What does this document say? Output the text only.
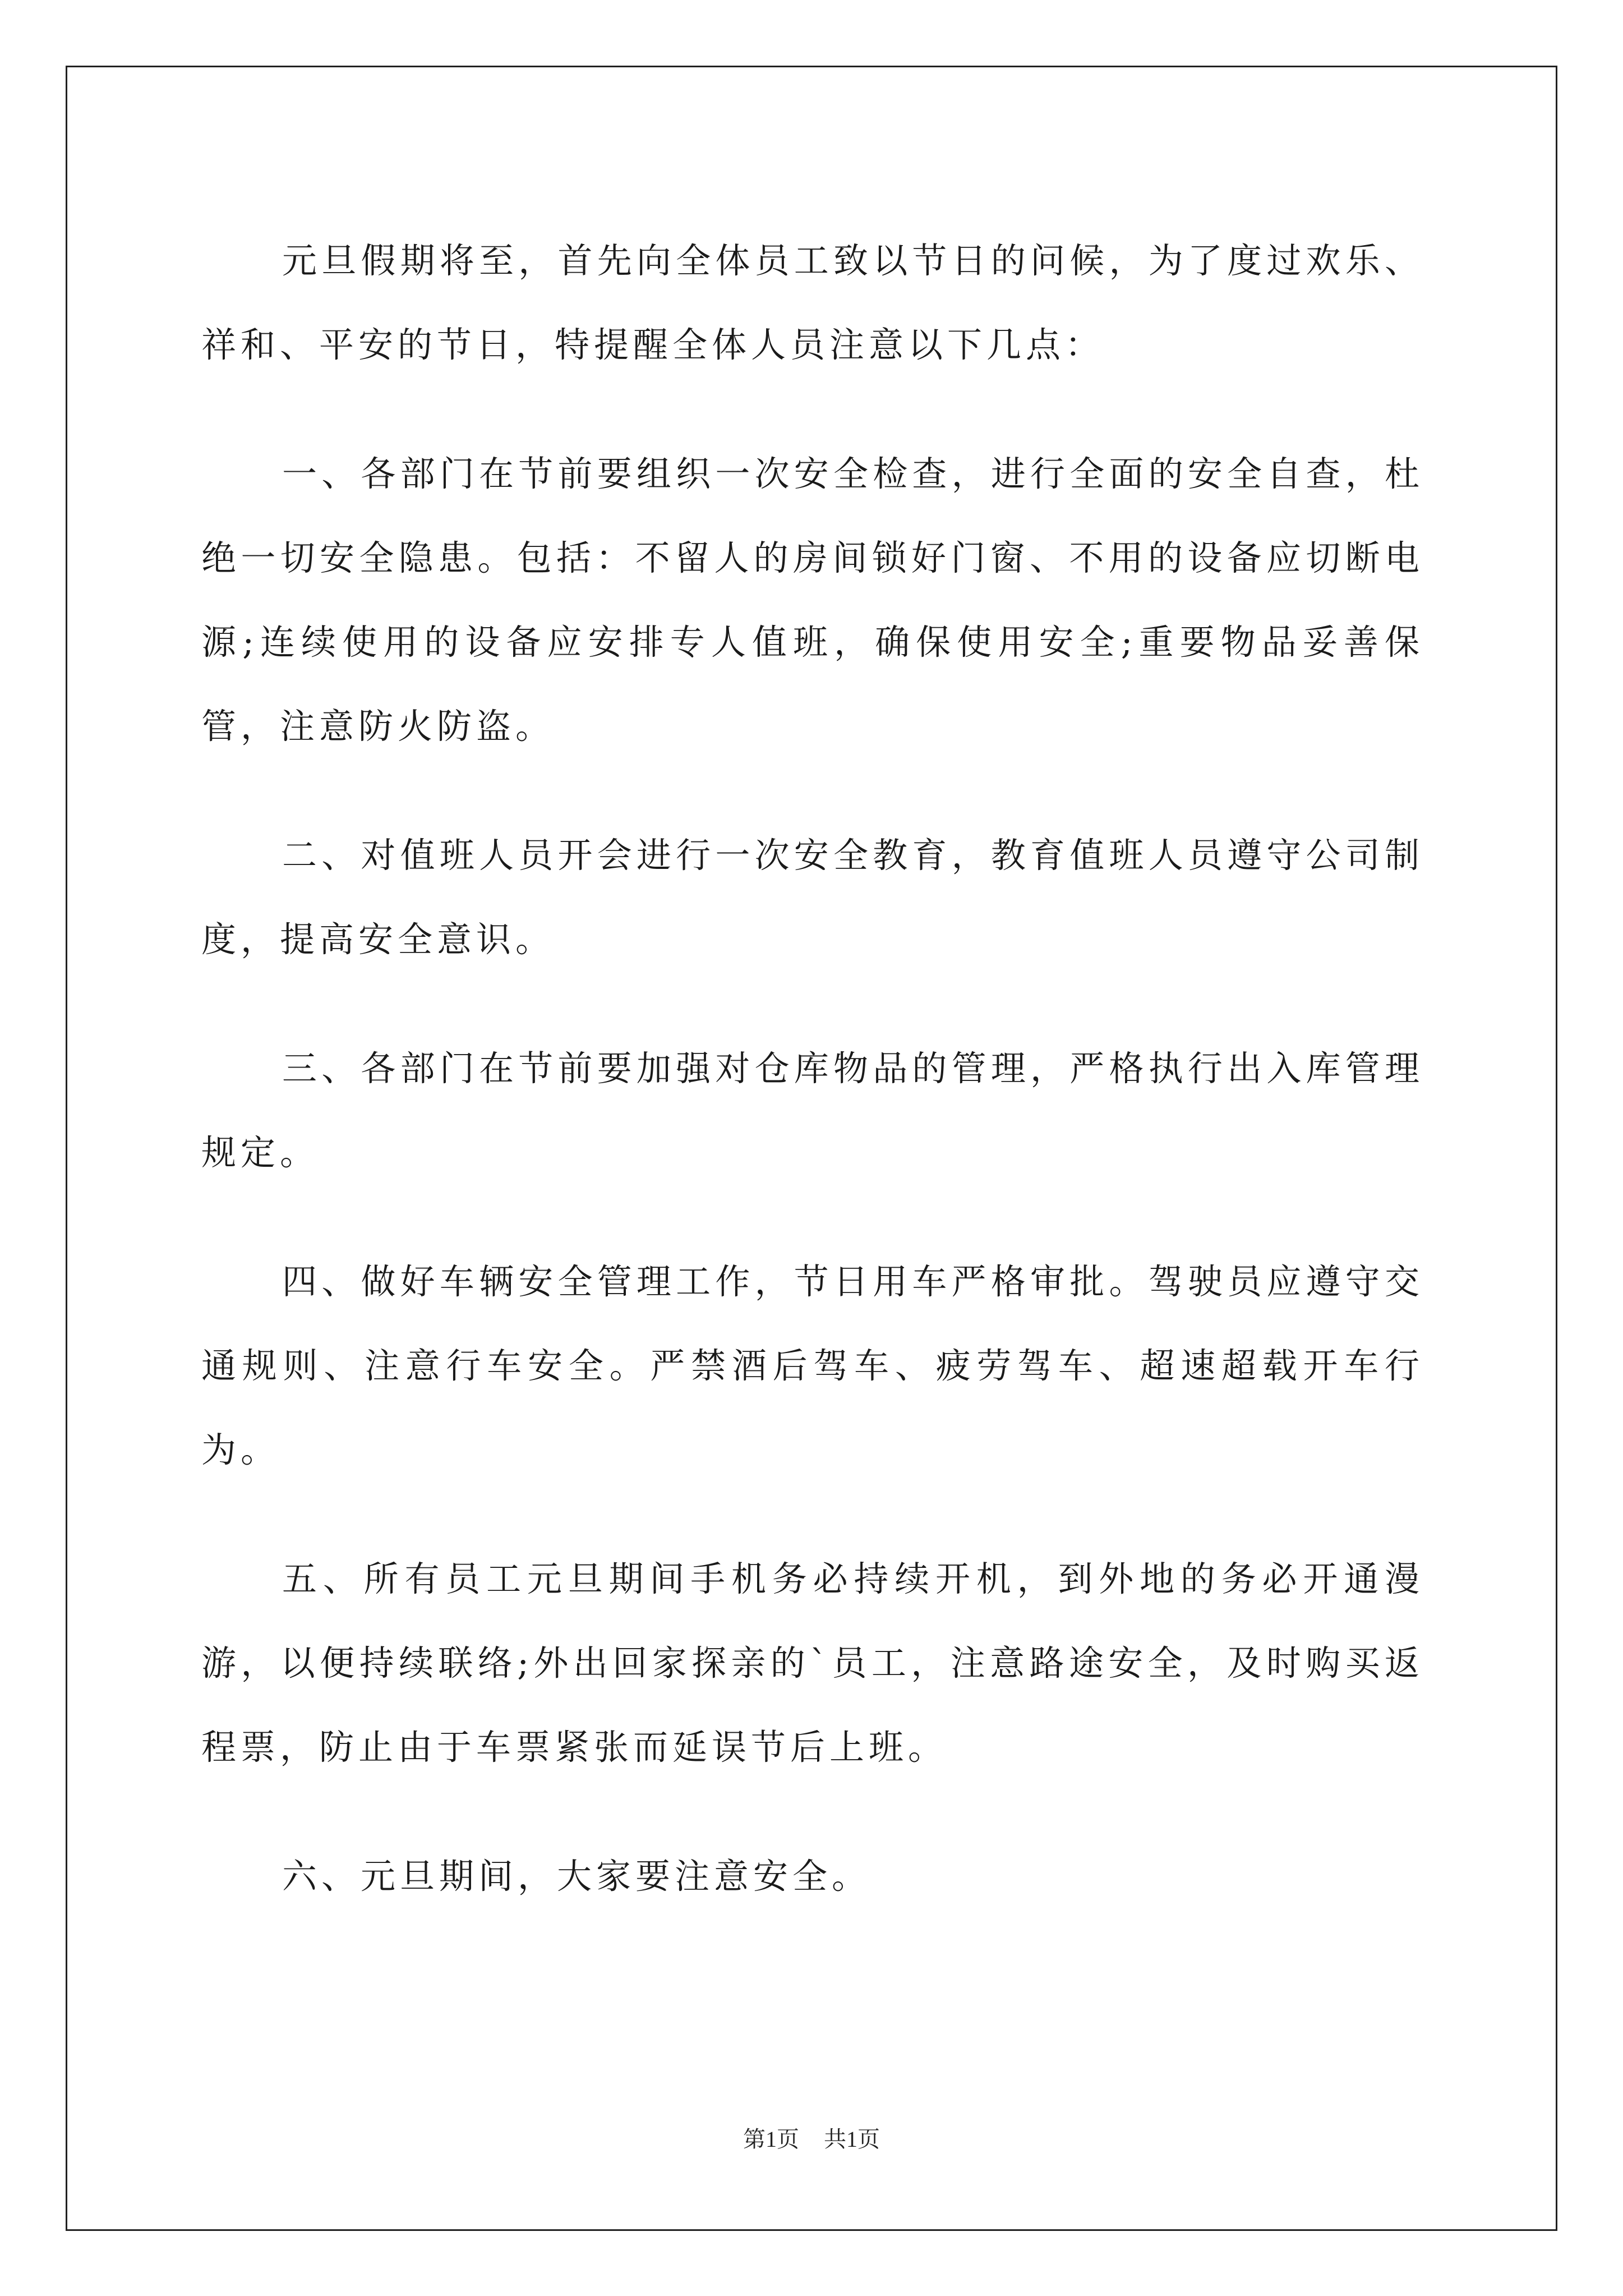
元旦假期将至，首先向全体员工致以节日的问候，为了度过欢乐、祥和、平安的节日，特提醒全体人员注意以下几点：

一、各部门在节前要组织一次安全检查，进行全面的安全自查，杜绝一切安全隐患。包括：不留人的房间锁好门窗、不用的设备应切断电源;连续使用的设备应安排专人值班，确保使用安全;重要物品妥善保管，注意防火防盗。

二、对值班人员开会进行一次安全教育，教育值班人员遵守公司制度，提高安全意识。

三、各部门在节前要加强对仓库物品的管理，严格执行出入库管理规定。

四、做好车辆安全管理工作，节日用车严格审批。驾驶员应遵守交通规则、注意行车安全。严禁酒后驾车、疲劳驾车、超速超载开车行为。

五、所有员工元旦期间手机务必持续开机，到外地的务必开通漫游，以便持续联络;外出回家探亲的`员工，注意路途安全，及时购买返程票，防止由于车票紧张而延误节后上班。

六、元旦期间，大家要注意安全。

第1页 共1页
